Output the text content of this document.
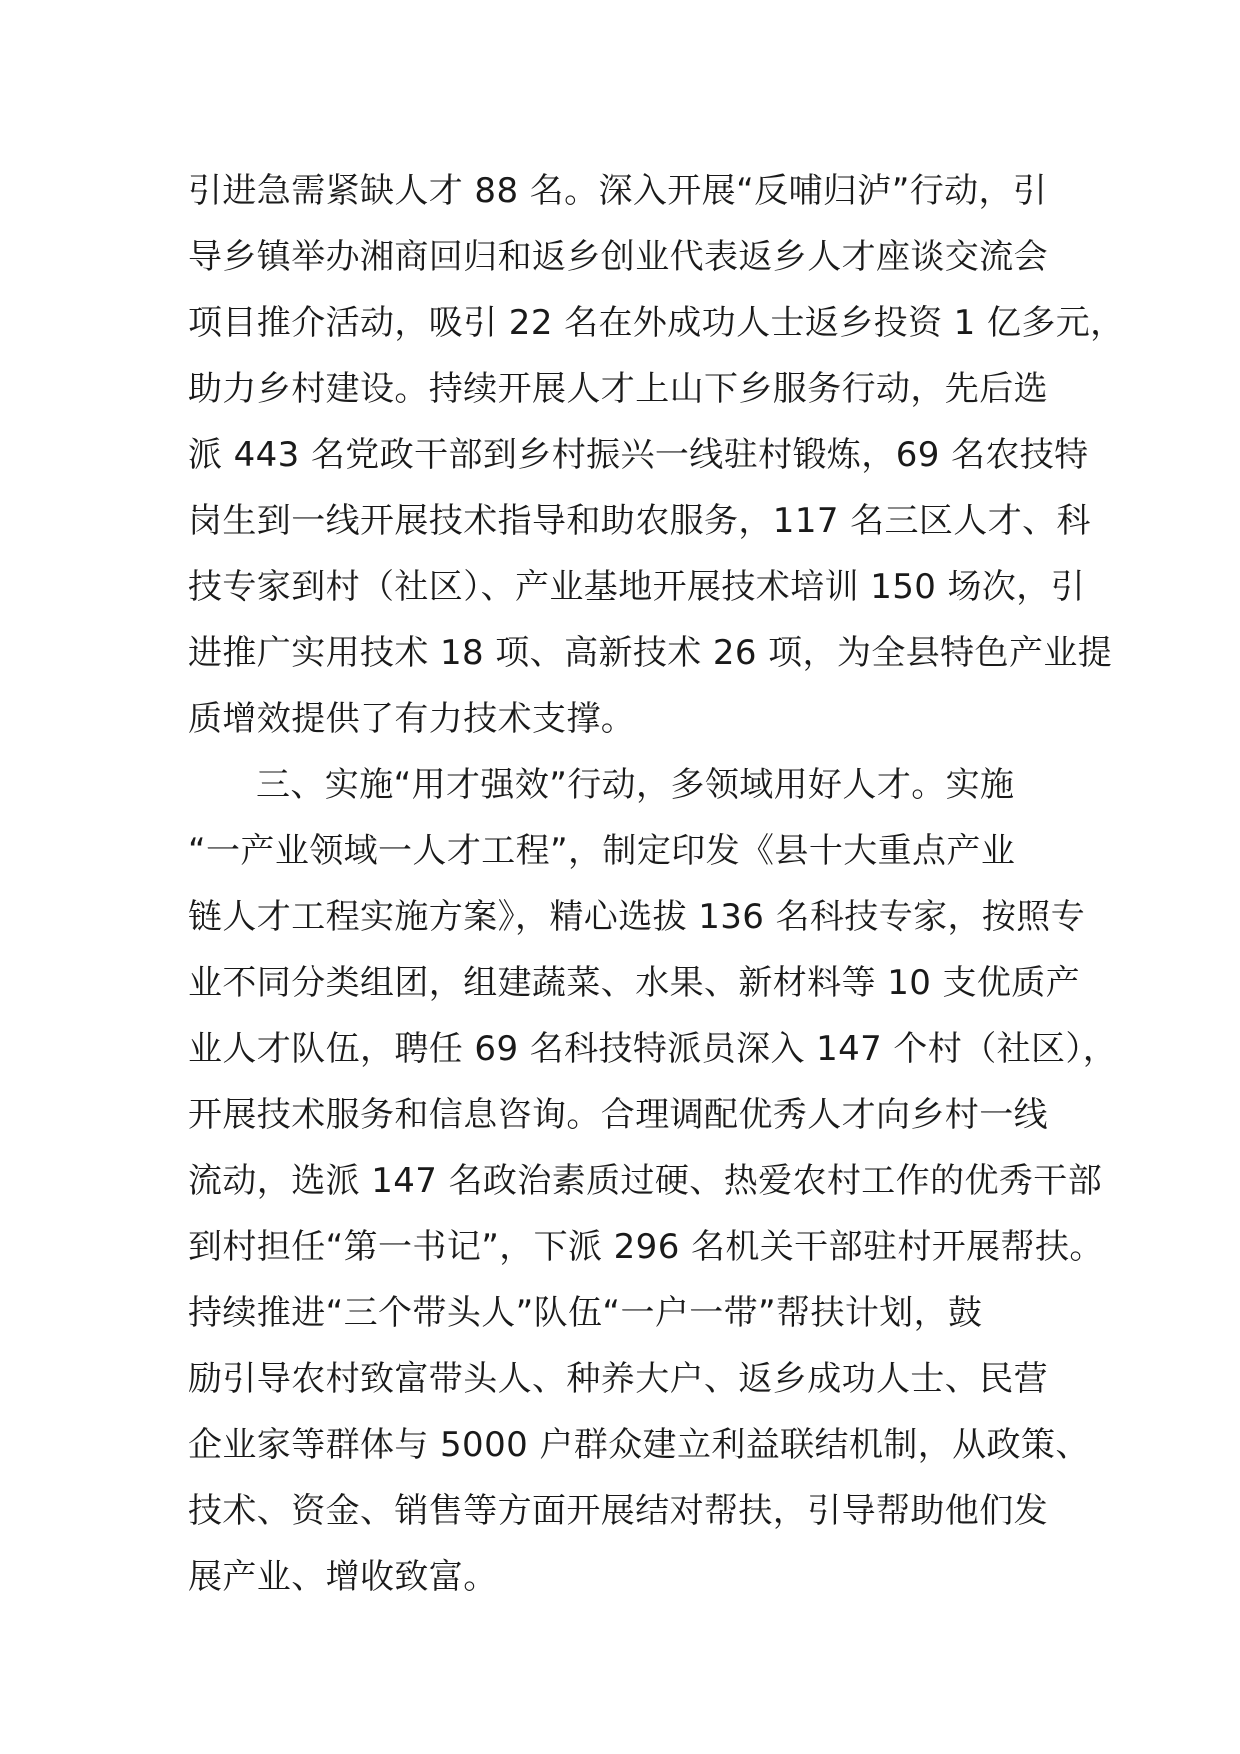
引进急需紧缺人才 88 名。深入开展“反哺归泸”行动，引
导乡镇举办湘商回归和返乡创业代表返乡人才座谈交流会
项目推介活动，吸引 22 名在外成功人士返乡投资 1 亿多元，
助力乡村建设。持续开展人才上山下乡服务行动，先后选
派 443 名党政干部到乡村振兴一线驻村锻炼，69 名农技特
岗生到一线开展技术指导和助农服务，117 名三区人才、科
技专家到村（社区）、产业基地开展技术培训 150 场次，引
进推广实用技术 18 项、高新技术 26 项，为全县特色产业提
质增效提供了有力技术支撑。
三、实施“用才强效”行动，多领域用好人才。实施
“一产业领域一人才工程”，制定印发《县十大重点产业
链人才工程实施方案》，精心选拔 136 名科技专家，按照专
业不同分类组团，组建蔬菜、水果、新材料等 10 支优质产
业人才队伍，聘任 69 名科技特派员深入 147 个村（社区），
开展技术服务和信息咨询。合理调配优秀人才向乡村一线
流动，选派 147 名政治素质过硬、热爱农村工作的优秀干部
到村担任“第一书记”，下派 296 名机关干部驻村开展帮扶。
持续推进“三个带头人”队伍“一户一带”帮扶计划，鼓
励引导农村致富带头人、种养大户、返乡成功人士、民营
企业家等群体与 5000 户群众建立利益联结机制，从政策、
技术、资金、销售等方面开展结对帮扶，引导帮助他们发
展产业、增收致富。
